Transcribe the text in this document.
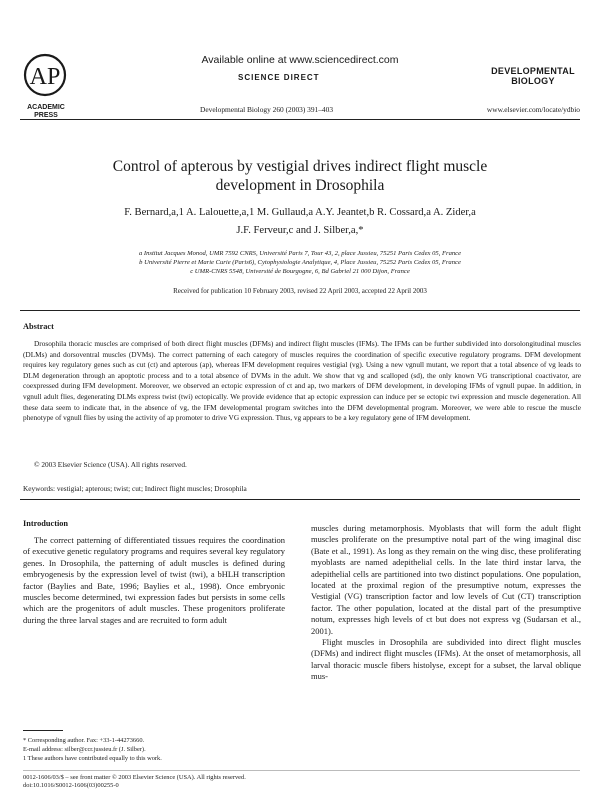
AP
ACADEMIC
PRESS
Available online at www.sciencedirect.com
SCIENCE DIRECT
DEVELOPMENTAL
BIOLOGY
Developmental Biology 260 (2003) 391–403	www.elsevier.com/locate/ydbio
Control of apterous by vestigial drives indirect flight muscle
development in Drosophila
F. Bernard,a,1 A. Lalouette,a,1 M. Gullaud,a A.Y. Jeantet,b R. Cossard,a A. Zider,a
J.F. Ferveur,c and J. Silber,a,*
a Institut Jacques Monod, UMR 7592 CNRS, Université Paris 7, Tour 43, 2, place Jussieu, 75251 Paris Cedex 05, France
b Université Pierre et Marie Curie (Paris6), Cytophysiologie Analytique, 4, Place Jussieu, 75252 Paris Cedex 05, France
c UMR-CNRS 5548, Université de Bourgogne, 6, Bd Gabriel 21 000 Dijon, France
Received for publication 10 February 2003, revised 22 April 2003, accepted 22 April 2003
Abstract

Drosophila thoracic muscles are comprised of both direct flight muscles (DFMs) and indirect flight muscles (IFMs). The IFMs can be further subdivided into dorsolongitudinal muscles (DLMs) and dorsoventral muscles (DVMs). The correct patterning of each category of muscles requires the coordination of specific executive regulatory programs. DFM development requires key regulatory genes such as cut (ct) and apterous (ap), whereas IFM development requires vestigial (vg). Using a new vgnull mutant, we report that a total absence of vg leads to DLM degeneration through an apoptotic process and to a total absence of DVMs in the adult. We show that vg and scalloped (sd), the only known VG transcriptional coactivator, are coexpressed during IFM development. Moreover, we observed an ectopic expression of ct and ap, two markers of DFM development, in developing IFMs of vgnull pupae. In addition, in vgnull adult flies, degenerating DLMs express twist (twi) ectopically. We provide evidence that ap ectopic expression can induce per se ectopic twi expression and muscle degeneration. All these data seem to indicate that, in the absence of vg, the IFM developmental program switches into the DFM developmental program. Moreover, we were able to rescue the muscle phenotype of vgnull flies by using the activity of ap promoter to drive VG expression. Thus, vg appears to be a key regulatory gene of IFM development.

© 2003 Elsevier Science (USA). All rights reserved.
Keywords: vestigial; apterous; twist; cut; Indirect flight muscles; Drosophila
Introduction

The correct patterning of differentiated tissues requires the coordination of executive genetic regulatory programs and requires several key regulatory genes. In Drosophila, the patterning of adult muscles is defined during embryogenesis by the expression level of twist (twi), a bHLH transcription factor (Baylies and Bate, 1996; Baylies et al., 1998). Once embryonic muscles become determined, twi expression fades but persists in some cells which are the progenitors of adult muscles. These progenitors proliferate during the three larval stages and are recruited to form adult

muscles during metamorphosis. Myoblasts that will form the adult flight muscles proliferate on the presumptive notal part of the wing imaginal disc (Bate et al., 1991). As long as they remain on the wing disc, these proliferating myoblasts are named adepithelial cells. In the late third instar larva, the adepithelial cells are partitioned into two distinct populations. One population, located at the proximal region of the presumptive notum, expresses the Vestigial (VG) transcription factor and low levels of Cut (CT) transcription factor. The other population, located at the distal part of the presumptive notum, expresses high levels of ct but does not express vg (Sudarsan et al., 2001).

Flight muscles in Drosophila are subdivided into direct flight muscles (DFMs) and indirect flight muscles (IFMs). At the onset of metamorphosis, all larval thoracic muscle fibers histolyse, except for a subset, the larval oblique mus-

* Corresponding author. Fax: +33-1-44273660.
E-mail address: silber@ccr.jussieu.fr (J. Silber).
1 These authors have contributed equally to this work.
0012-1606/03/$ – see front matter © 2003 Elsevier Science (USA). All rights reserved.
doi:10.1016/S0012-1606(03)00255-0
